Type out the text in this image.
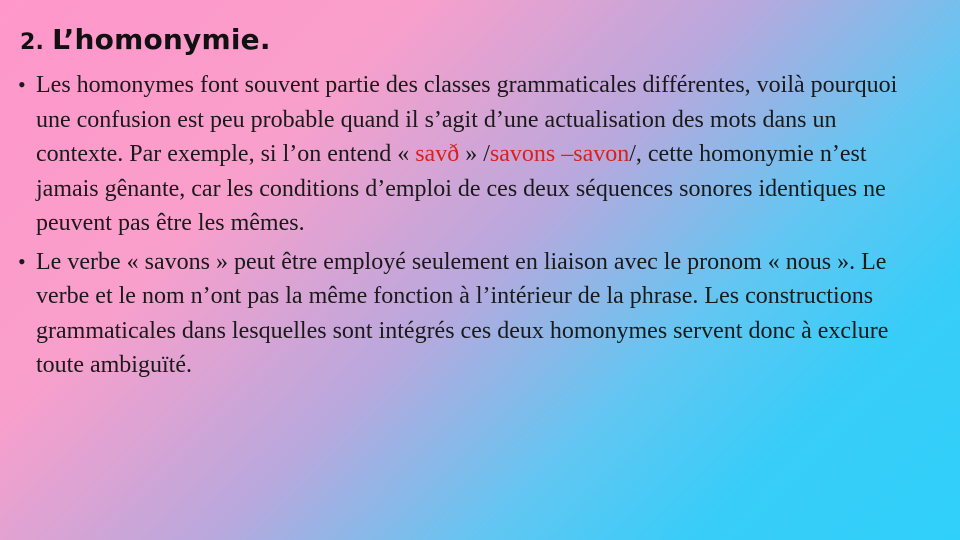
2. L’homonymie.
• Les homonymes font souvent partie des classes grammaticales différentes, voilà pourquoi une confusion est peu probable quand il s’agit d’une actualisation des mots dans un contexte. Par exemple, si l’on entend « savð » /savons –savon/, cette homonymie n’est jamais gênante, car les conditions d’emploi de ces deux séquences sonores identiques ne peuvent pas être les mêmes.
• Le verbe « savons » peut être employé seulement en liaison avec le pronom « nous ». Le verbe et le nom n’ont pas la même fonction à l’intérieur de la phrase. Les constructions grammaticales dans lesquelles sont intégrés ces deux homonymes servent donc à exclure toute ambiguïté.
